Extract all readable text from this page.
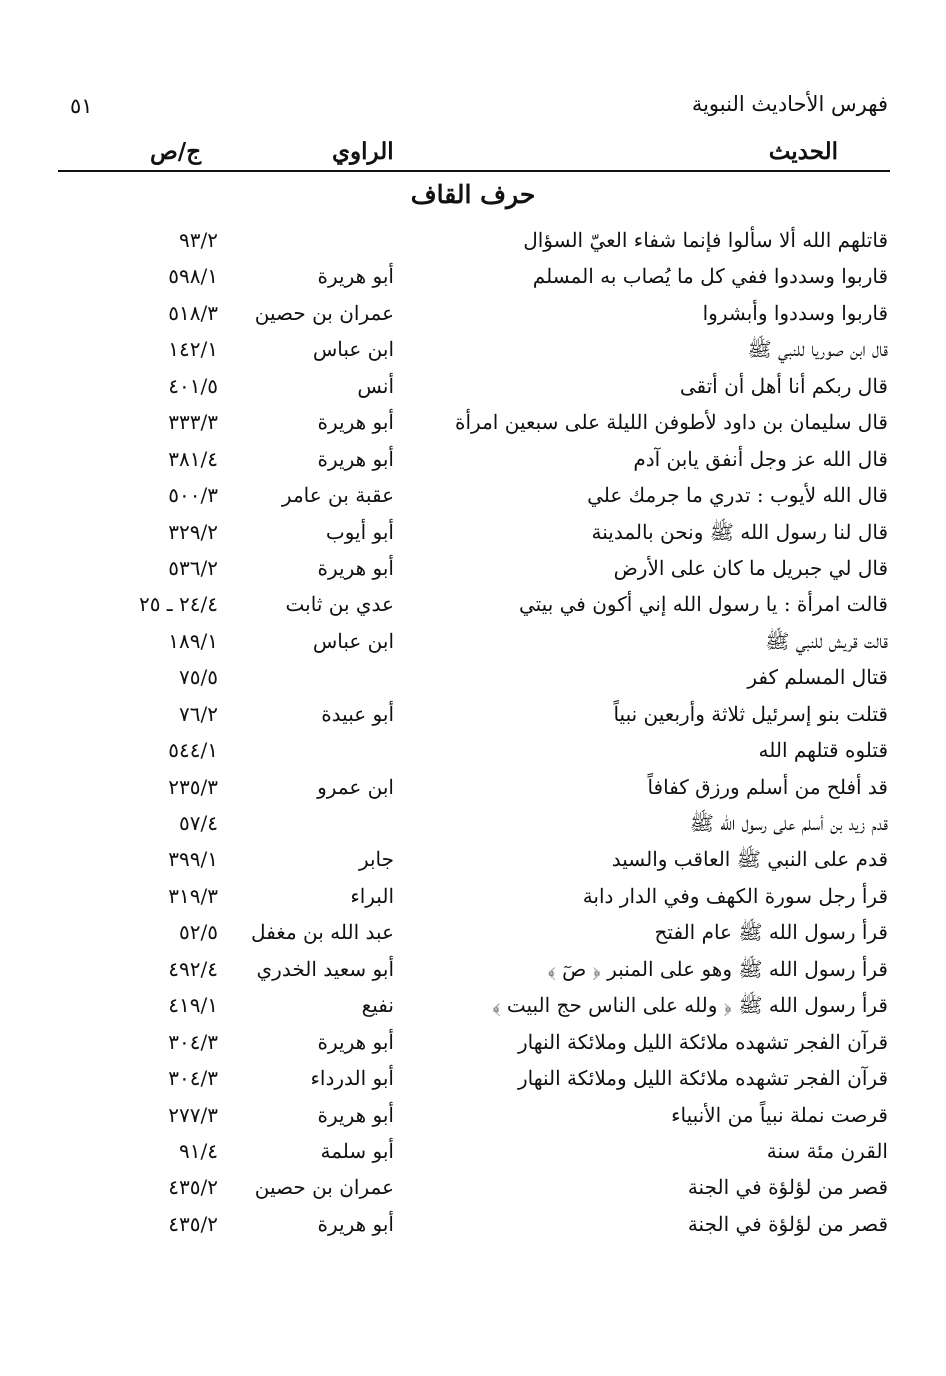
فهرس الأحاديث النبوية
٥١
الحديث
الراوي
ج/ص
حرف القاف
قاتلهم الله ألا سألوا فإنما شفاء العيّ السؤال
٩٣/٢
قاربوا وسددوا ففي كل ما يُصاب به المسلم
أبو هريرة
٥٩٨/١
قاربوا وسددوا وأبشروا
عمران بن حصين
٥١٨/٣
قال ابن صوريا للنبي ﷺ
ابن عباس
١٤٢/١
قال ربكم أنا أهل أن أتقى
أنس
٤٠١/٥
قال سليمان بن داود لأطوفن الليلة على سبعين امرأة
أبو هريرة
٣٣٣/٣
قال الله عز وجل أنفق يابن آدم
أبو هريرة
٣٨١/٤
قال الله لأيوب : تدري ما جرمك علي
عقبة بن عامر
٥٠٠/٣
قال لنا رسول الله ﷺ ونحن بالمدينة
أبو أيوب
٣٢٩/٢
قال لي جبريل ما كان على الأرض
أبو هريرة
٥٣٦/٢
قالت امرأة : يا رسول الله إني أكون في بيتي
عدي بن ثابت
٢٤/٤ ـ ٢٥
قالت قريش للنبي ﷺ
ابن عباس
١٨٩/١
قتال المسلم كفر
٧٥/٥
قتلت بنو إسرئيل ثلاثة وأربعين نبياً
أبو عبيدة
٧٦/٢
قتلوه قتلهم الله
٥٤٤/١
قد أفلح من أسلم ورزق كفافاً
ابن عمرو
٢٣٥/٣
قدم زيد بن أسلم على رسول الله ﷺ
٥٧/٤
قدم على النبي ﷺ العاقب والسيد
جابر
٣٩٩/١
قرأ رجل سورة الكهف وفي الدار دابة
البراء
٣١٩/٣
قرأ رسول الله ﷺ عام الفتح
عبد الله بن مغفل
٥٢/٥
قرأ رسول الله ﷺ وهو على المنبر ﴿ صٓ ﴾
أبو سعيد الخدري
٤٩٢/٤
قرأ رسول الله ﷺ ﴿ ولله على الناس حج البيت ﴾
نفيع
٤١٩/١
قرآن الفجر تشهده ملائكة الليل وملائكة النهار
أبو هريرة
٣٠٤/٣
قرآن الفجر تشهده ملائكة الليل وملائكة النهار
أبو الدرداء
٣٠٤/٣
قرصت نملة نبياً من الأنبياء
أبو هريرة
٢٧٧/٣
القرن مئة سنة
أبو سلمة
٩١/٤
قصر من لؤلؤة في الجنة
عمران بن حصين
٤٣٥/٢
قصر من لؤلؤة في الجنة
أبو هريرة
٤٣٥/٢
